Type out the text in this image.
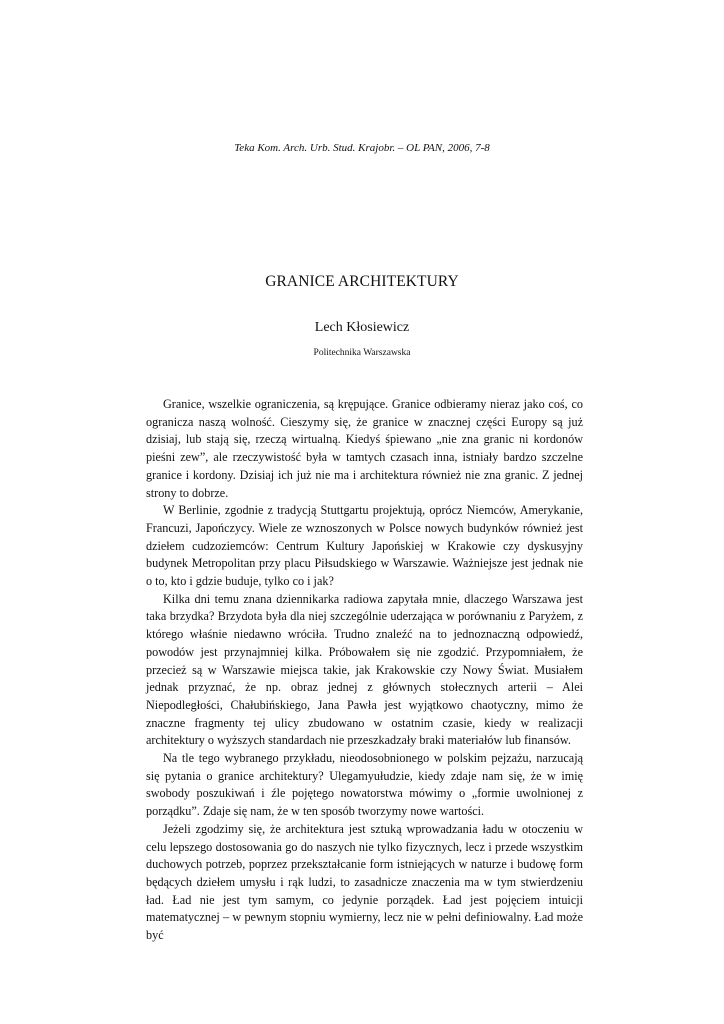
Teka Kom. Arch. Urb. Stud. Krajobr. – OL PAN, 2006, 7-8
GRANICE ARCHITEKTURY
Lech Kłosiewicz
Politechnika Warszawska

Granice, wszelkie ograniczenia, są krępujące. Granice odbieramy nieraz jako coś, co ogranicza naszą wolność. Cieszymy się, że granice w znacznej części Europy są już dzisiaj, lub stają się, rzeczą wirtualną. Kiedyś śpiewano „nie zna granic ni kordonów pieśni zew”, ale rzeczywistość była w tamtych czasach inna, istniały bardzo szczelne granice i kordony. Dzisiaj ich już nie ma i architektura również nie zna granic. Z jednej strony to dobrze.

W Berlinie, zgodnie z tradycją Stuttgartu projektują, oprócz Niemców, Amerykanie, Francuzi, Japończycy. Wiele ze wznoszonych w Polsce nowych budynków również jest dziełem cudzoziemców: Centrum Kultury Japońskiej w Krakowie czy dyskusyjny budynek Metropolitan przy placu Piłsudskiego w Warszawie. Ważniejsze jest jednak nie o to, kto i gdzie buduje, tylko co i jak?

Kilka dni temu znana dziennikarka radiowa zapytała mnie, dlaczego Warszawa jest taka brzydka? Brzydota była dla niej szczególnie uderzająca w porównaniu z Paryżem, z którego właśnie niedawno wróciła. Trudno znaleźć na to jednoznaczną odpowiedź, powodów jest przynajmniej kilka. Próbowałem się nie zgodzić. Przypomniałem, że przecież są w Warszawie miejsca takie, jak Krakowskie czy Nowy Świat. Musiałem jednak przyznać, że np. obraz jednej z głównych stołecznych arterii – Alei Niepodległości, Chałubińskiego, Jana Pawła jest wyjątkowo chaotyczny, mimo że znaczne fragmenty tej ulicy zbudowano w ostatnim czasie, kiedy w realizacji architektury o wyższych standardach nie przeszkadzały braki materiałów lub finansów.

Na tle tego wybranego przykładu, nieodosobnionego w polskim pejzażu, narzucają się pytania o granice architektury? Ulegamyułudzie, kiedy zdaje nam się, że w imię swobody poszukiwań i źle pojętego nowatorstwa mówimy o „formie uwolnionej z porządku”. Zdaje się nam, że w ten sposób tworzymy nowe wartości.

Jeżeli zgodzimy się, że architektura jest sztuką wprowadzania ładu w otoczeniu w celu lepszego dostosowania go do naszych nie tylko fizycznych, lecz i przede wszystkim duchowych potrzeb, poprzez przekształcanie form istniejących w naturze i budowę form będących dziełem umysłu i rąk ludzi, to zasadnicze znaczenia ma w tym stwierdzeniu ład. Ład nie jest tym samym, co jedynie porządek. Ład jest pojęciem intuicji matematycznej – w pewnym stopniu wymierny, lecz nie w pełni definiowalny. Ład może być
